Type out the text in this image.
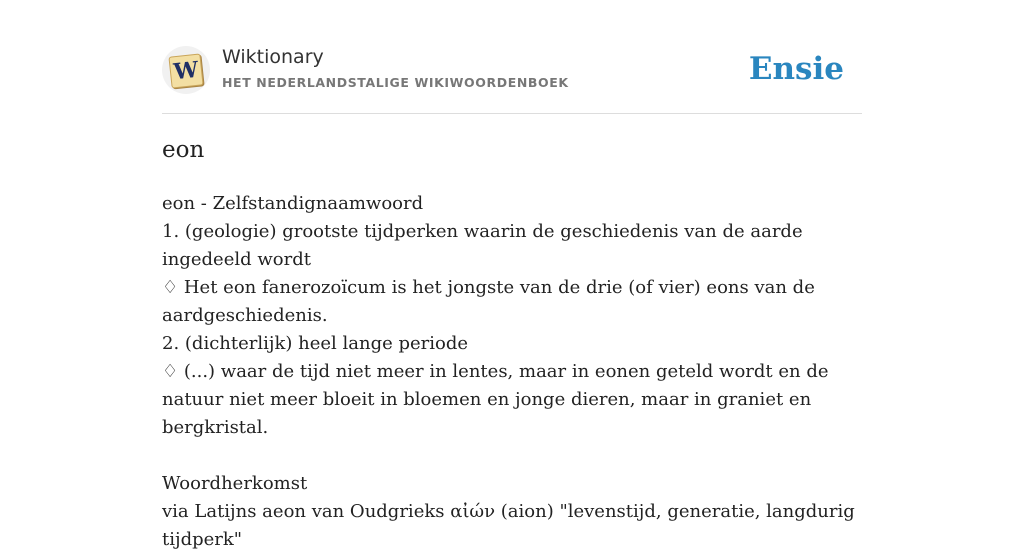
W Wiktionary
HET NEDERLANDSTALIGE WIKIWOORDENBOEK	Ensie
eon

eon - Zelfstandignaamwoord

1. (geologie) grootste tijdperken waarin de geschiedenis van de aarde ingedeeld wordt

♢ Het eon fanerozoïcum is het jongste van de drie (of vier) eons van de aardgeschiedenis.

2. (dichterlijk) heel lange periode

♢ (...) waar de tijd niet meer in lentes, maar in eonen geteld wordt en de natuur niet meer bloeit in bloemen en jonge dieren, maar in graniet en bergkristal.

Woordherkomst

via Latijns aeon van Oudgrieks αἰών (aion) "levenstijd, generatie, langdurig tijdperk"
